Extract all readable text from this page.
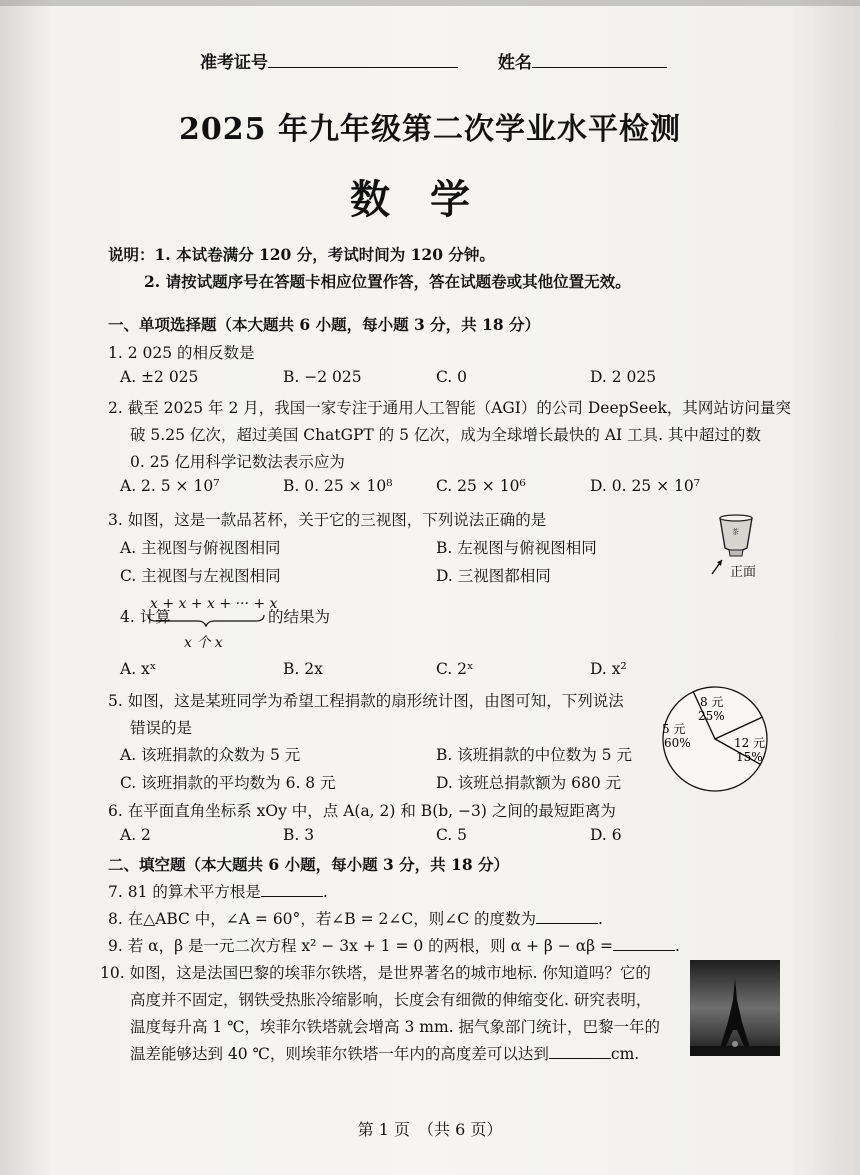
准考证号	姓名
2025 年九年级第二次学业水平检测
数学
说明：1. 本试卷满分 120 分，考试时间为 120 分钟。
2. 请按试题序号在答题卡相应位置作答，答在试题卷或其他位置无效。
一、单项选择题（本大题共 6 小题，每小题 3 分，共 18 分）
1. 2 025 的相反数是
A. ±2 025	B. −2 025	C. 0	D. 2 025
2. 截至 2025 年 2 月，我国一家专注于通用人工智能（AGI）的公司 DeepSeek，其网站访问量突
破 5.25 亿次，超过美国 ChatGPT 的 5 亿次，成为全球增长最快的 AI 工具. 其中超过的数
0. 25 亿用科学记数法表示应为
A. 2. 5 × 10⁷	B. 0. 25 × 10⁸	C. 25 × 10⁶	D. 0. 25 × 10⁷
3. 如图，这是一款品茗杯，关于它的三视图，下列说法正确的是
A. 主视图与俯视图相同	B. 左视图与俯视图相同
C. 主视图与左视图相同	D. 三视图都相同
茶
正面
4. 计算
x + x + x + ··· + x
x 个 x
的结果为
A. xˣ	B. 2x	C. 2ˣ	D. x²
5. 如图，这是某班同学为希望工程捐款的扇形统计图，由图可知，下列说法
错误的是
A. 该班捐款的众数为 5 元	B. 该班捐款的中位数为 5 元
C. 该班捐款的平均数为 6. 8 元	D. 该班总捐款额为 680 元
5 元
60%
8 元
25%
12 元
15%
6. 在平面直角坐标系 xOy 中，点 A(a, 2) 和 B(b, −3) 之间的最短距离为
A. 2	B. 3	C. 5	D. 6
二、填空题（本大题共 6 小题，每小题 3 分，共 18 分）
7. 81 的算术平方根是	.
8. 在△ABC 中，∠A = 60°，若∠B = 2∠C，则∠C 的度数为	.
9. 若 α，β 是一元二次方程 x² − 3x + 1 = 0 的两根，则 α + β − αβ =	.
10. 如图，这是法国巴黎的埃菲尔铁塔，是世界著名的城市地标. 你知道吗？它的
高度并不固定，钢铁受热胀冷缩影响，长度会有细微的伸缩变化. 研究表明，
温度每升高 1 ℃，埃菲尔铁塔就会增高 3 mm. 据气象部门统计，巴黎一年的
温差能够达到 40 ℃，则埃菲尔铁塔一年内的高度差可以达到	cm.
第 1 页　（共 6 页）
